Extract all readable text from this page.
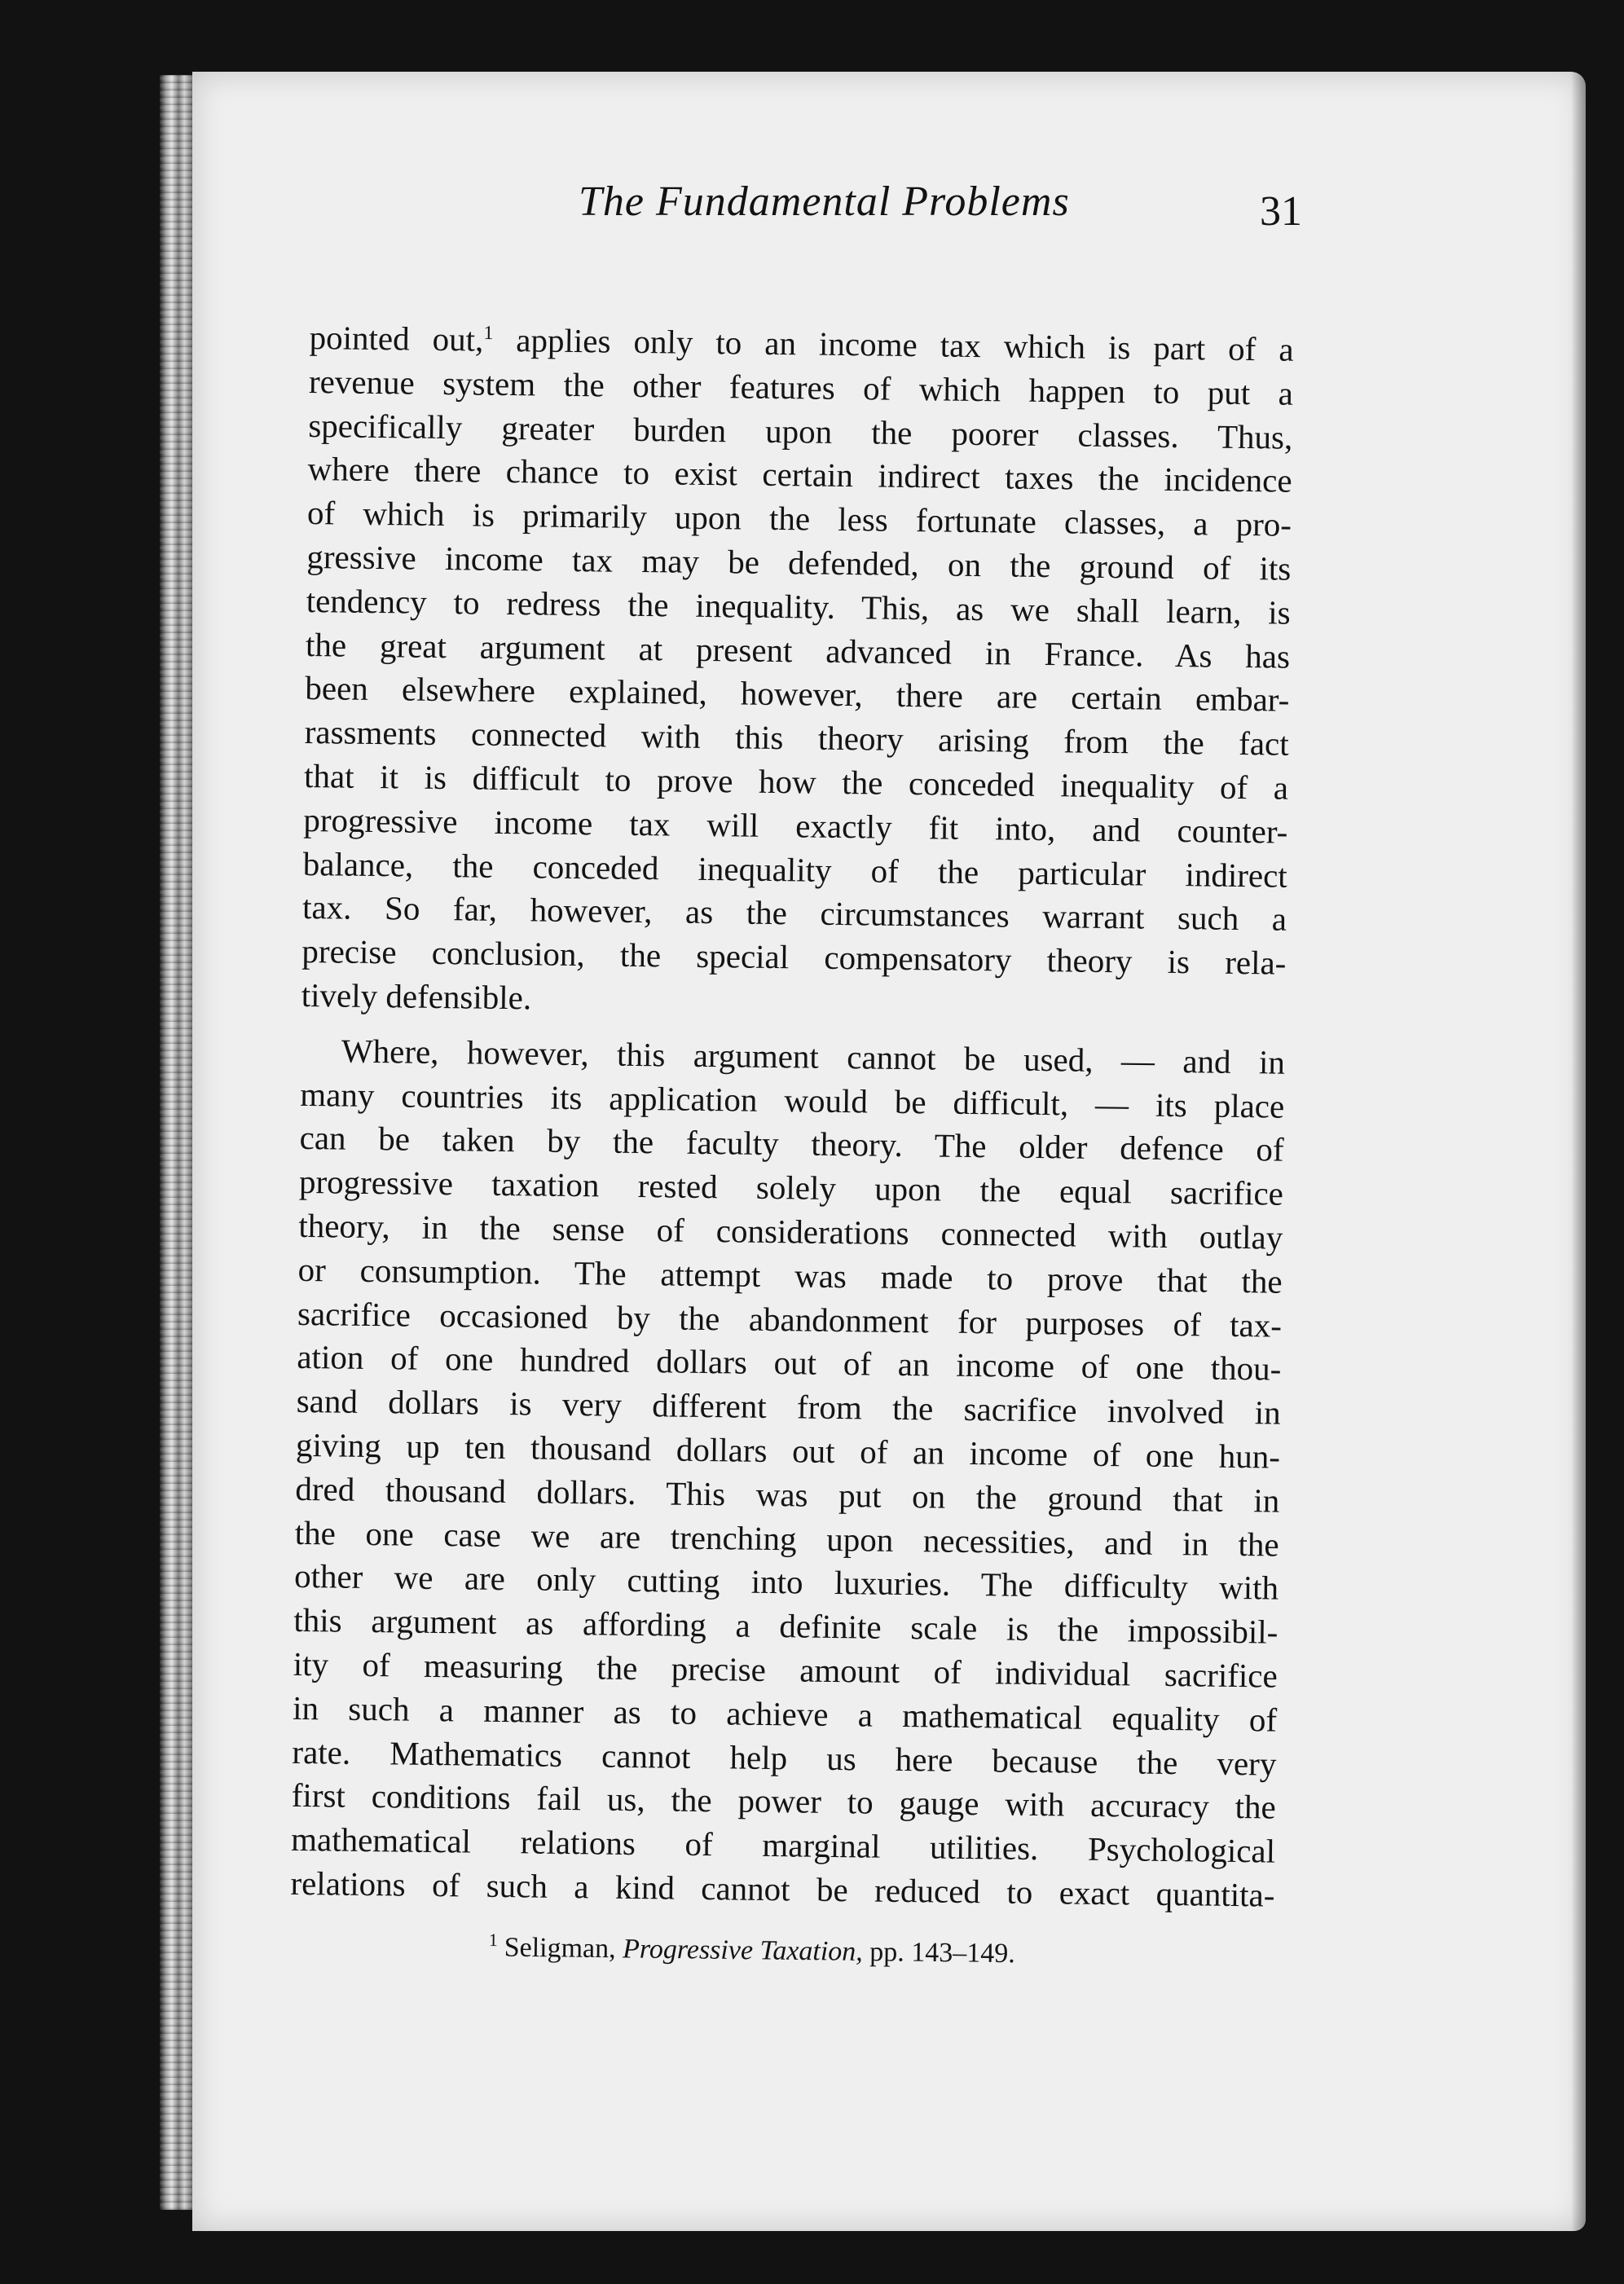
The Fundamental Problems	31
pointed out,$^1$ applies only to an income tax which is part of a
revenue system the other features of which happen to put a
specifically greater burden upon the poorer classes. Thus,
where there chance to exist certain indirect taxes the incidence
of which is primarily upon the less fortunate classes, a pro-
gressive income tax may be defended, on the ground of its
tendency to redress the inequality. This, as we shall learn, is
the great argument at present advanced in France. As has
been elsewhere explained, however, there are certain embar-
rassments connected with this theory arising from the fact
that it is difficult to prove how the conceded inequality of a
progressive income tax will exactly fit into, and counter-
balance, the conceded inequality of the particular indirect
tax. So far, however, as the circumstances warrant such a
precise conclusion, the special compensatory theory is rela-
tively defensible.
Where, however, this argument cannot be used, — and in
many countries its application would be difficult, — its place
can be taken by the faculty theory. The older defence of
progressive taxation rested solely upon the equal sacrifice
theory, in the sense of considerations connected with outlay
or consumption. The attempt was made to prove that the
sacrifice occasioned by the abandonment for purposes of tax-
ation of one hundred dollars out of an income of one thou-
sand dollars is very different from the sacrifice involved in
giving up ten thousand dollars out of an income of one hun-
dred thousand dollars. This was put on the ground that in
the one case we are trenching upon necessities, and in the
other we are only cutting into luxuries. The difficulty with
this argument as affording a definite scale is the impossibil-
ity of measuring the precise amount of individual sacrifice
in such a manner as to achieve a mathematical equality of
rate. Mathematics cannot help us here because the very
first conditions fail us, the power to gauge with accuracy the
mathematical relations of marginal utilities. Psychological
relations of such a kind cannot be reduced to exact quantita-
$^1$ Seligman, Progressive Taxation, pp. 143–149.
